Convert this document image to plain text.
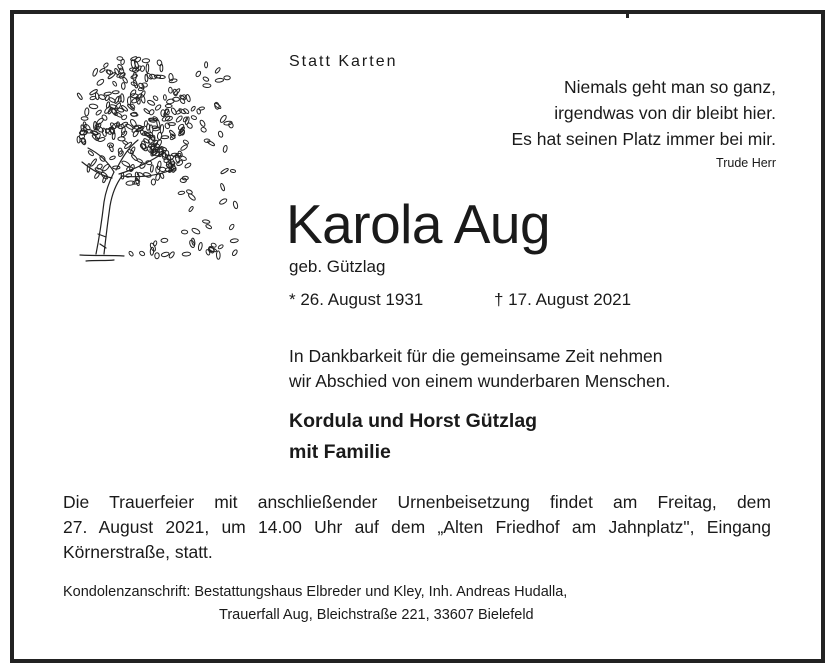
Statt Karten
Niemals geht man so ganz,
irgendwas von dir bleibt hier.
Es hat seinen Platz immer bei mir.
Trude Herr
Karola Aug
geb. Gützlag
* 26. August 1931	† 17. August 2021
In Dankbarkeit für die gemeinsame Zeit nehmen
wir Abschied von einem wunderbaren Menschen.
Kordula und Horst Gützlag
mit Familie
Die Trauerfeier mit anschließender Urnenbeisetzung findet am Freitag, dem
27. August 2021, um 14.00 Uhr auf dem „Alten Friedhof am Jahnplatz", Eingang
Körnerstraße, statt.
Kondolenzanschrift: Bestattungshaus Elbreder und Kley, Inh. Andreas Hudalla,
Trauerfall Aug, Bleichstraße 221, 33607 Bielefeld
